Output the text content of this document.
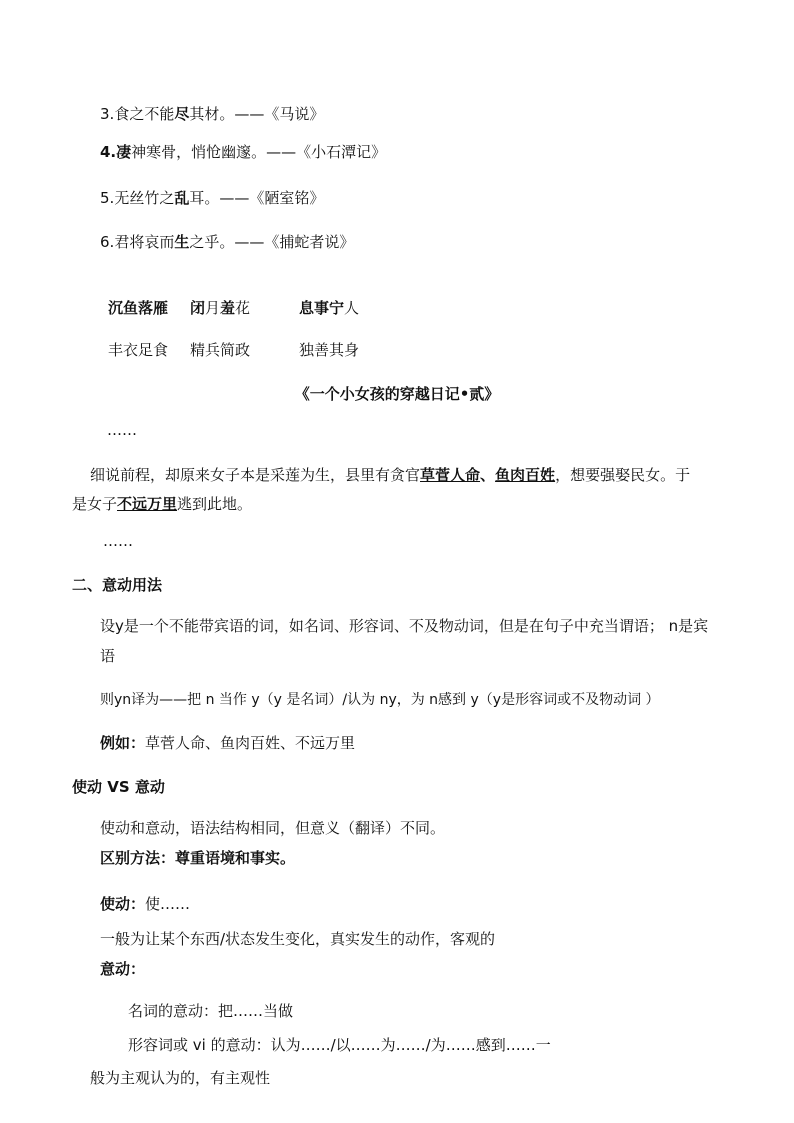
3.食之不能尽其材。——《马说》
4.凄神寒骨，悄怆幽邃。——《小石潭记》
5.无丝竹之乱耳。——《陋室铭》
6.君将哀而生之乎。——《捕蛇者说》
沉鱼落雁 闭月羞花	息事宁人
丰衣足食 精兵简政	独善其身
《一个小女孩的穿越日记•贰》
……
细说前程，却原来女子本是采莲为生，县里有贪官草菅人命、鱼肉百姓，想要强娶民女。于
是女子不远万里逃到此地。
……
二、意动用法
设y是一个不能带宾语的词，如名词、形容词、不及物动词，但是在句子中充当谓语； n是宾
语
则yn译为——把 n 当作 y（y 是名词）/认为 ny，为 n感到 y（y是形容词或不及物动词 ）
例如：草菅人命、鱼肉百姓、不远万里
使动 VS 意动
使动和意动，语法结构相同，但意义（翻译）不同。
区别方法：尊重语境和事实。
使动：使……
一般为让某个东西/状态发生变化，真实发生的动作，客观的
意动：
名词的意动：把……当做
形容词或 vi 的意动：认为……/以……为……/为……感到……一
般为主观认为的，有主观性
